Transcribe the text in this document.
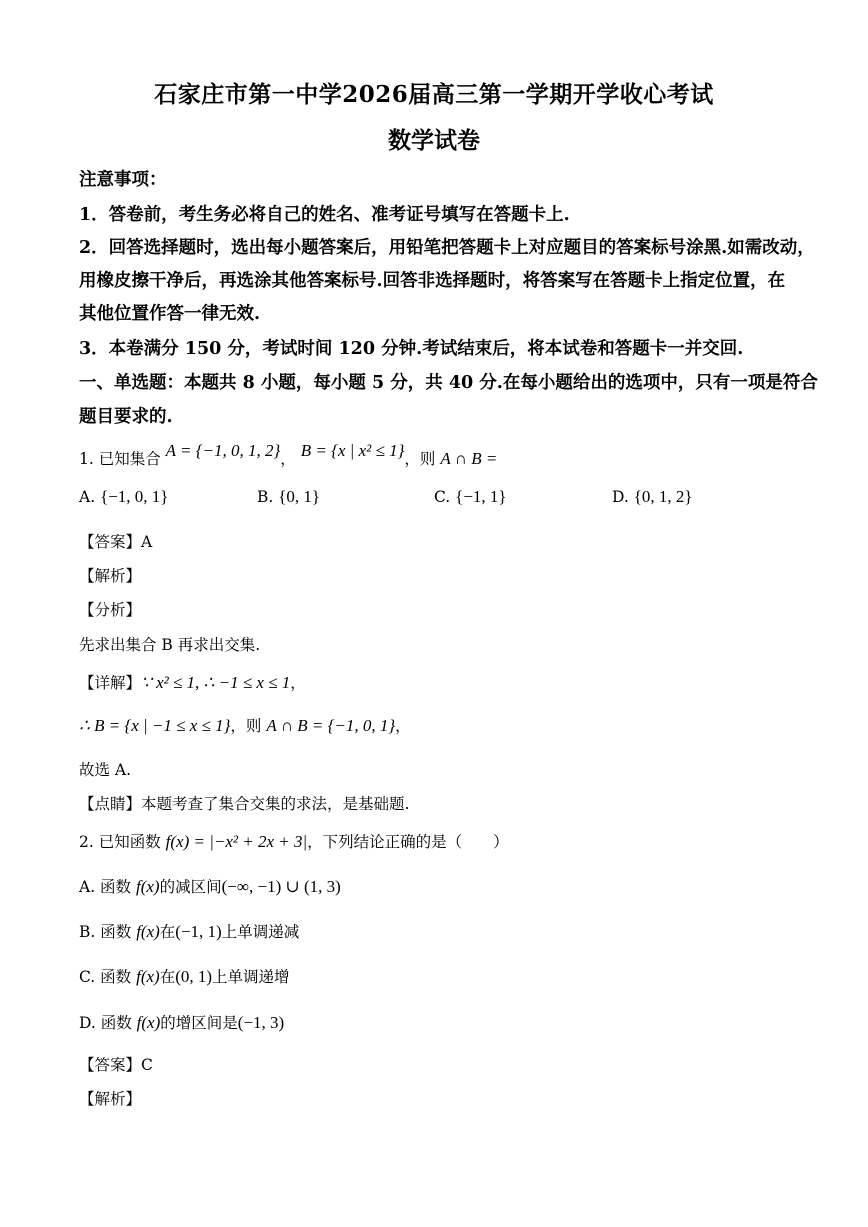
石家庄市第一中学2026届高三第一学期开学收心考试
数学试卷
注意事项：
1．答卷前，考生务必将自己的姓名、准考证号填写在答题卡上.
2．回答选择题时，选出每小题答案后，用铅笔把答题卡上对应题目的答案标号涂黑.如需改动，
用橡皮擦干净后，再选涂其他答案标号.回答非选择题时，将答案写在答题卡上指定位置，在
其他位置作答一律无效.
3．本卷满分 150 分，考试时间 120 分钟.考试结束后，将本试卷和答题卡一并交回.
一、单选题：本题共 8 小题，每小题 5 分，共 40 分.在每小题给出的选项中，只有一项是符合
题目要求的.
1. 已知集合 A = {−1, 0, 1, 2}， B = {x | x² ≤ 1}，则 A ∩ B =
A. {−1, 0, 1}	B. {0, 1}	C. {−1, 1}	D. {0, 1, 2}
【答案】A
【解析】
【分析】
先求出集合 B 再求出交集.
【详解】∵ x² ≤ 1, ∴ −1 ≤ x ≤ 1，
∴ B = {x | −1 ≤ x ≤ 1}，则 A ∩ B = {−1, 0, 1}，
故选 A.
【点睛】本题考查了集合交集的求法，是基础题.
2. 已知函数 f(x) = |−x² + 2x + 3|，下列结论正确的是（　　）
A. 函数 f(x)的减区间(−∞, −1) ∪ (1, 3)
B. 函数 f(x)在(−1, 1)上单调递减
C. 函数 f(x)在(0, 1)上单调递增
D. 函数 f(x)的增区间是(−1, 3)
【答案】C
【解析】
